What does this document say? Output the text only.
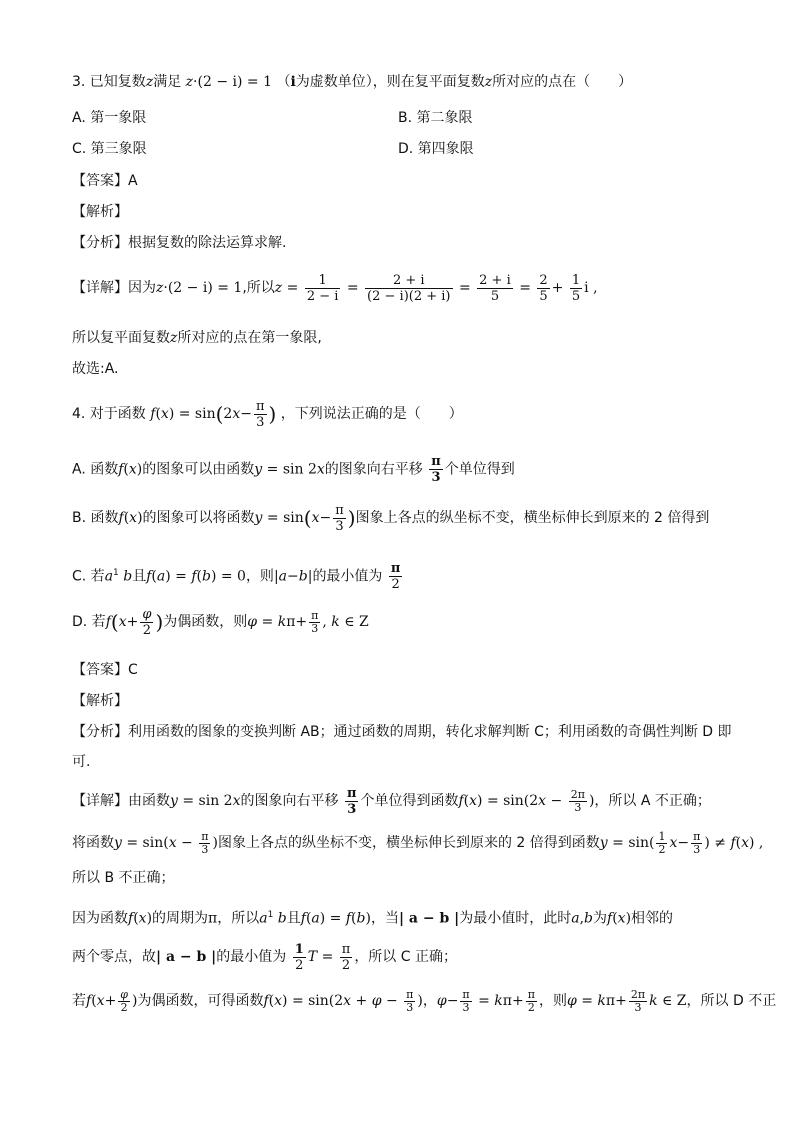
3. 已知复数z满足 z·(2 − i) = 1 （i为虚数单位），则在复平面复数z所对应的点在（　　）
A. 第一象限	B. 第二象限
C. 第三象限	D. 第四象限
【答案】A
【解析】
【分析】根据复数的除法运算求解.
【详解】因为z·(2 − i) = 1,所以$z = \frac{1}{2 - i} = \frac{2 + i}{(2 - i)(2 + i)} = \frac{2 + i}{5} = \frac{2}{5} + \frac{1}{5}$ i ,
所以复平面复数z所对应的点在第一象限,
故选:A.
4. 对于函数 $f(x) = \sin(2x- \frac{\pi}{3}$ ) ，下列说法正确的是（　　）
A. 函数f(x)的图象可以由函数y = sin 2x的图象向右平移 $\frac{\pi}{3}$ 个单位得到
B. 函数f(x)的图象可以将函数$y = \sin(x- \frac{\pi}{3}$ )图象上各点的纵坐标不变，横坐标伸长到原来的 2 倍得到
C. 若$a^1$ b且f(a) = f(b) = 0，则|a−b|的最小值为 $\frac{\pi}{2}$
D. 若$f(x+ \frac{\varphi}{2}$ )为偶函数，则$\varphi = k\pi+ \frac{\pi}{3}$ , k ∈ Z
【答案】C
【解析】
【分析】利用函数的图象的变换判断 AB；通过函数的周期，转化求解判断 C；利用函数的奇偶性判断 D 即
可.
【详解】由函数y = sin 2x的图象向右平移 $\frac{\pi}{3}$ 个单位得到函数$f(x) = \sin(2x - \frac{2\pi}{3}$ )，所以 A 不正确；
将函数$y = \sin(x - \frac{\pi}{3}$ )图象上各点的纵坐标不变，横坐标伸长到原来的 2 倍得到函数$y = \sin( \frac{1}{2} x- \frac{\pi}{3}$ ) ≠ f(x) ,
所以 B 不正确；
因为函数f(x)的周期为π，所以$a^1$ b且f(a) = f(b)，当| a − b |为最小值时，此时a,b为f(x)相邻的
两个零点，故| a − b |的最小值为 $\frac{1}{2}$ $T = \frac{\pi}{2}$ ，所以 C 正确；
若$f(x+ \frac{\varphi}{2}$ )为偶函数，可得函数$f(x) = \sin(2x + \varphi - \frac{\pi}{3}$ )，$\varphi- \frac{\pi}{3} = k\pi+ \frac{\pi}{2}$ ，则$\varphi = k\pi+ \frac{2\pi}{3}$ k ∈ Z，所以 D 不正
